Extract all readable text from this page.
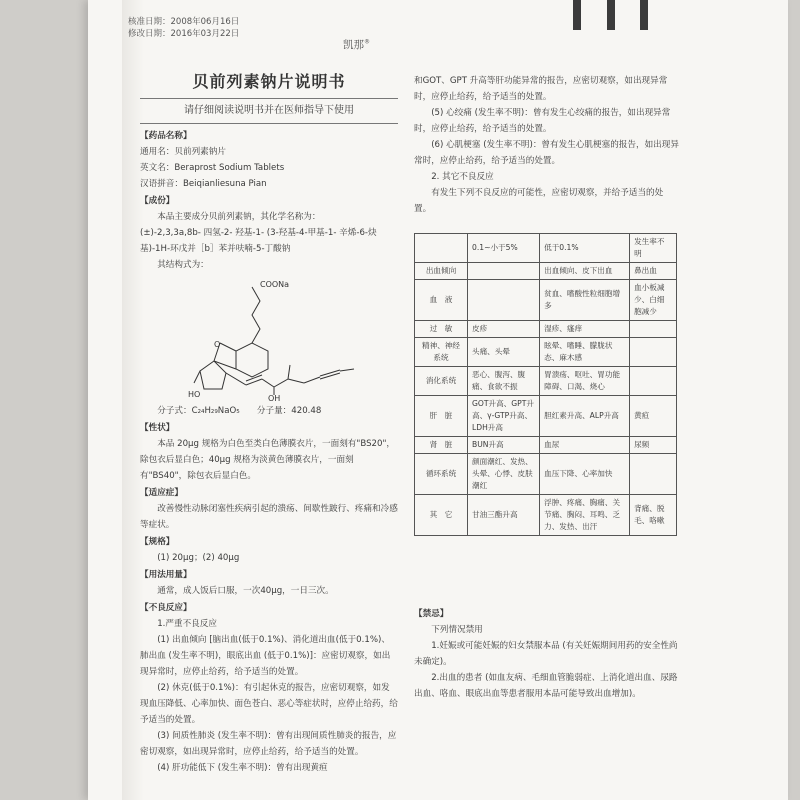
核准日期：2008年06月16日
修改日期：2016年03月22日
凯那®
贝前列素钠片说明书
请仔细阅读说明书并在医师指导下使用
【药品名称】

通用名：贝前列素钠片

英文名：Beraprost Sodium Tablets

汉语拼音：Beiqianliesuna Pian

【成份】

本品主要成分贝前列素钠，其化学名称为：

(±)-2,3,3a,8b- 四氢-2- 羟基-1- (3-羟基-4-甲基-1- 辛烯-6-炔基)-1H-环戊并［b］苯并呋喃-5-丁酸钠

其结构式为：

COONa
O
HO	OH

分子式：C₂₄H₂₉NaO₅　　分子量：420.48

【性状】

本品 20μg 规格为白色至类白色薄膜衣片，一面刻有"BS20"，除包衣后显白色；40μg 规格为淡黄色薄膜衣片，一面刻有"BS40"，除包衣后显白色。

【适应症】

改善慢性动脉闭塞性疾病引起的溃疡、间歇性跛行、疼痛和冷感等症状。

【规格】

(1) 20μg；(2) 40μg

【用法用量】

通常，成人饭后口服，一次40μg，一日三次。

【不良反应】

1.严重不良反应

(1) 出血倾向 [脑出血(低于0.1%)、消化道出血(低于0.1%)、肺出血 (发生率不明)，眼底出血 (低于0.1%)]：应密切观察，如出现异常时，应停止给药，给予适当的处置。

(2) 休克(低于0.1%)：有引起休克的报告，应密切观察，如发现血压降低、心率加快、面色苍白、恶心等症状时，应停止给药，给予适当的处置。

(3) 间质性肺炎 (发生率不明)：曾有出现间质性肺炎的报告，应密切观察，如出现异常时，应停止给药，给予适当的处置。

(4) 肝功能低下 (发生率不明)：曾有出现黄疸

和GOT、GPT 升高等肝功能异常的报告，应密切观察，如出现异常时，应停止给药，给予适当的处置。

(5) 心绞痛 (发生率不明)：曾有发生心绞痛的报告，如出现异常时，应停止给药，给予适当的处置。

(6) 心肌梗塞 (发生率不明)：曾有发生心肌梗塞的报告，如出现异常时，应停止给药，给予适当的处置。

2. 其它不良反应

有发生下列不良反应的可能性，应密切观察，并给予适当的处置。

	0.1~小于5%	低于0.1%	发生率不明
出血倾向		出血倾向、皮下出血	鼻出血
血　液		贫血、嗜酸性粒细胞增多	血小板减少、白细胞减少
过　敏	皮疹	湿疹、瘙痒	
精神、神经系统	头痛、头晕	眩晕、嗜睡、朦胧状态、麻木感	
消化系统	恶心、腹泻、腹痛、食欲不振	胃溃疡、呕吐、胃功能障碍、口渴、烧心	
肝　脏	GOT升高、GPT升高、γ-GTP升高、LDH升高	胆红素升高、ALP升高	黄疸
肾　脏	BUN升高	血尿	尿频
循环系统	颜面潮红、发热、头晕、心悸、皮肤潮红	血压下降、心率加快	
其　它	甘油三酯升高	浮肿、疼痛、胸痛、关节痛、胸闷、耳鸣、乏力、发热、出汗	背痛、脱毛、咯嗽
【禁忌】

下列情况禁用

1.妊娠或可能妊娠的妇女禁服本品 (有关妊娠期间用药的安全性尚未确定)。

2.出血的患者 (如血友病、毛细血管脆弱症、上消化道出血、尿路出血、咯血、眼底出血等患者服用本品可能导致出血增加)。
